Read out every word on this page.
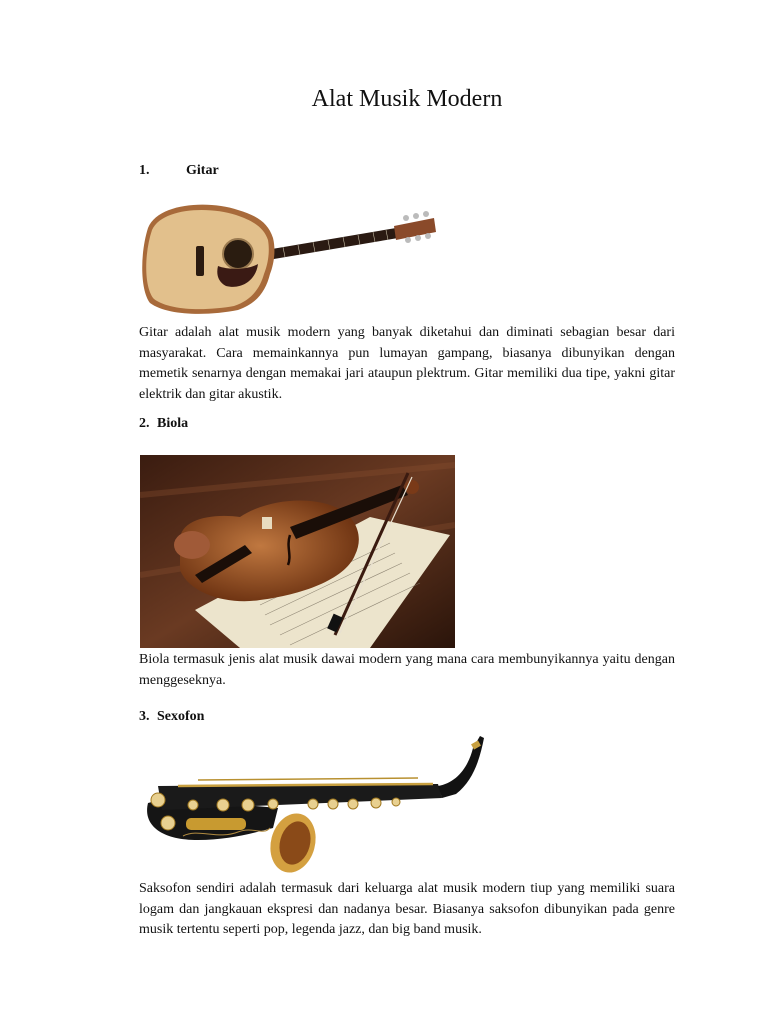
Alat Musik Modern
1.	Gitar

Gitar adalah alat musik modern yang banyak diketahui dan diminati sebagian besar dari masyarakat. Cara memainkannya pun lumayan gampang, biasanya dibunyikan dengan memetik senarnya dengan memakai jari ataupun plektrum. Gitar memiliki dua tipe, yakni gitar elektrik dan gitar akustik.

2. Biola

Biola termasuk jenis alat musik dawai modern yang mana cara membunyikannya yaitu dengan menggeseknya.

3. Sexofon

Saksofon sendiri adalah termasuk dari keluarga alat musik modern tiup yang memiliki suara logam dan jangkauan ekspresi dan nadanya besar. Biasanya saksofon dibunyikan pada genre musik tertentu seperti pop, legenda jazz, dan big band musik.
